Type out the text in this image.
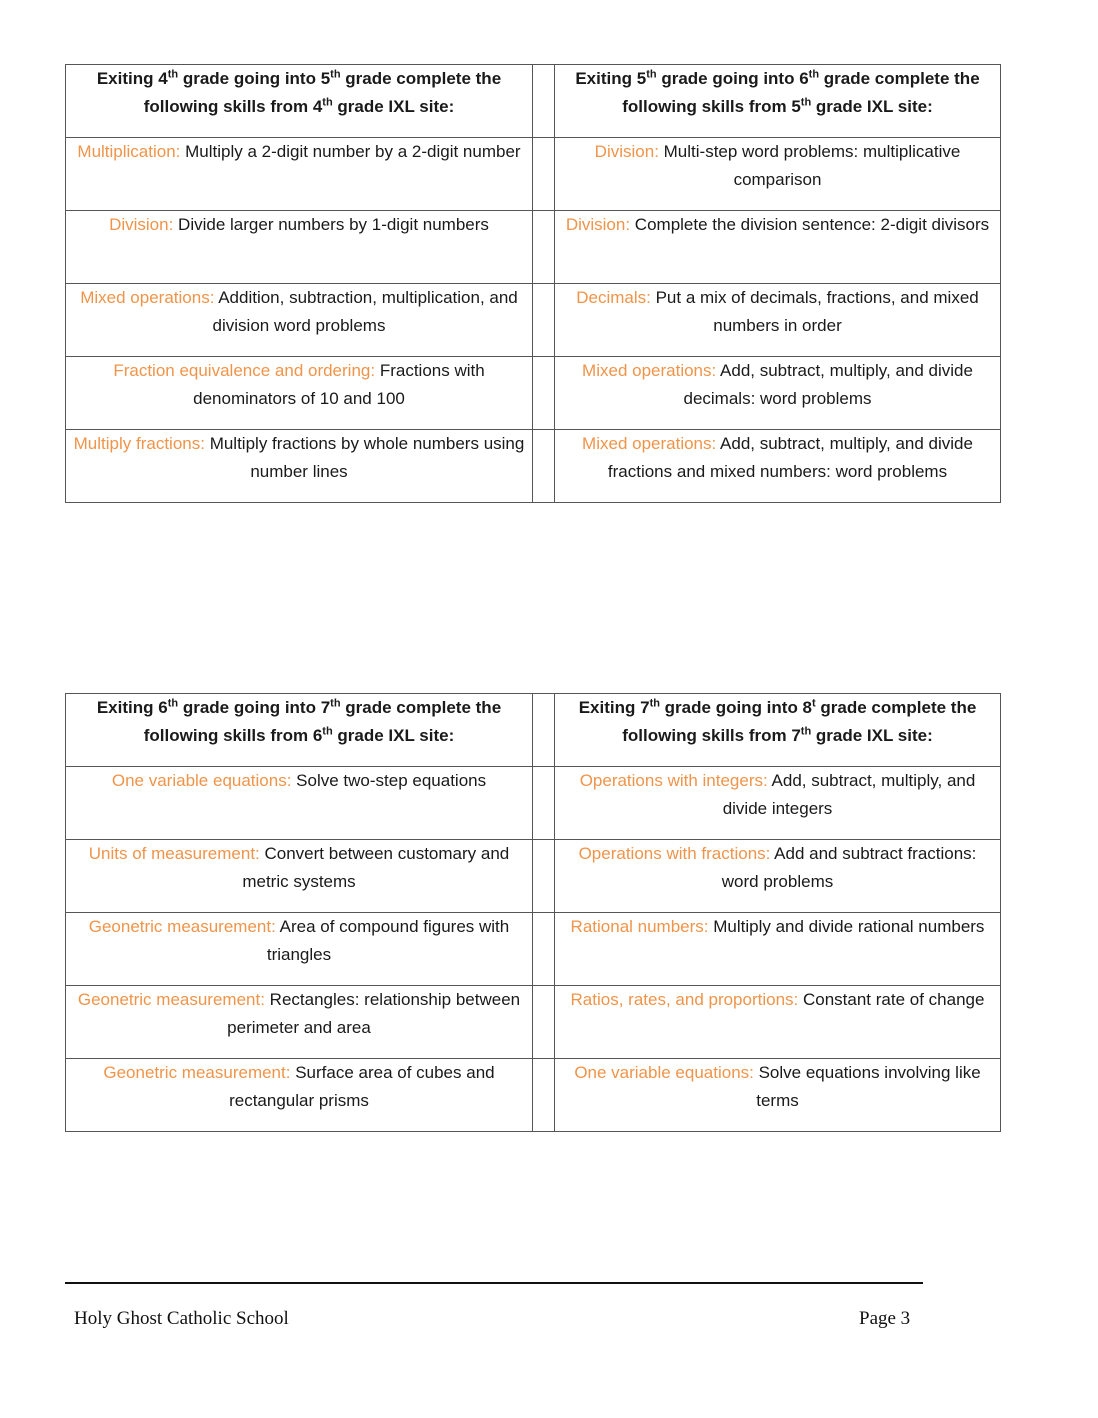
Exiting 4th grade going into 5th grade complete the following skills from 4th grade IXL site:		Exiting 5th grade going into 6th grade complete the following skills from 5th grade IXL site:
Multiplication: Multiply a 2-digit number by a 2-digit number		Division: Multi-step word problems: multiplicative comparison
Division: Divide larger numbers by 1-digit numbers		Division: Complete the division sentence: 2-digit divisors
Mixed operations: Addition, subtraction, multiplication, and division word problems		Decimals: Put a mix of decimals, fractions, and mixed numbers in order
Fraction equivalence and ordering: Fractions with denominators of 10 and 100		Mixed operations: Add, subtract, multiply, and divide decimals: word problems
Multiply fractions: Multiply fractions by whole numbers using number lines		Mixed operations: Add, subtract, multiply, and divide fractions and mixed numbers: word problems
Exiting 6th grade going into 7th grade complete the following skills from 6th grade IXL site:		Exiting 7th grade going into 8$^t$ grade complete the following skills from 7th grade IXL site:
One variable equations: Solve two-step equations		Operations with integers: Add, subtract, multiply, and divide integers
Units of measurement: Convert between customary and metric systems		Operations with fractions: Add and subtract fractions: word problems
Geonetric measurement: Area of compound figures with triangles		Rational numbers: Multiply and divide rational numbers
Geonetric measurement: Rectangles: relationship between perimeter and area		Ratios, rates, and proportions: Constant rate of change
Geonetric measurement: Surface area of cubes and rectangular prisms		One variable equations: Solve equations involving like terms
Holy Ghost Catholic School	Page 3
